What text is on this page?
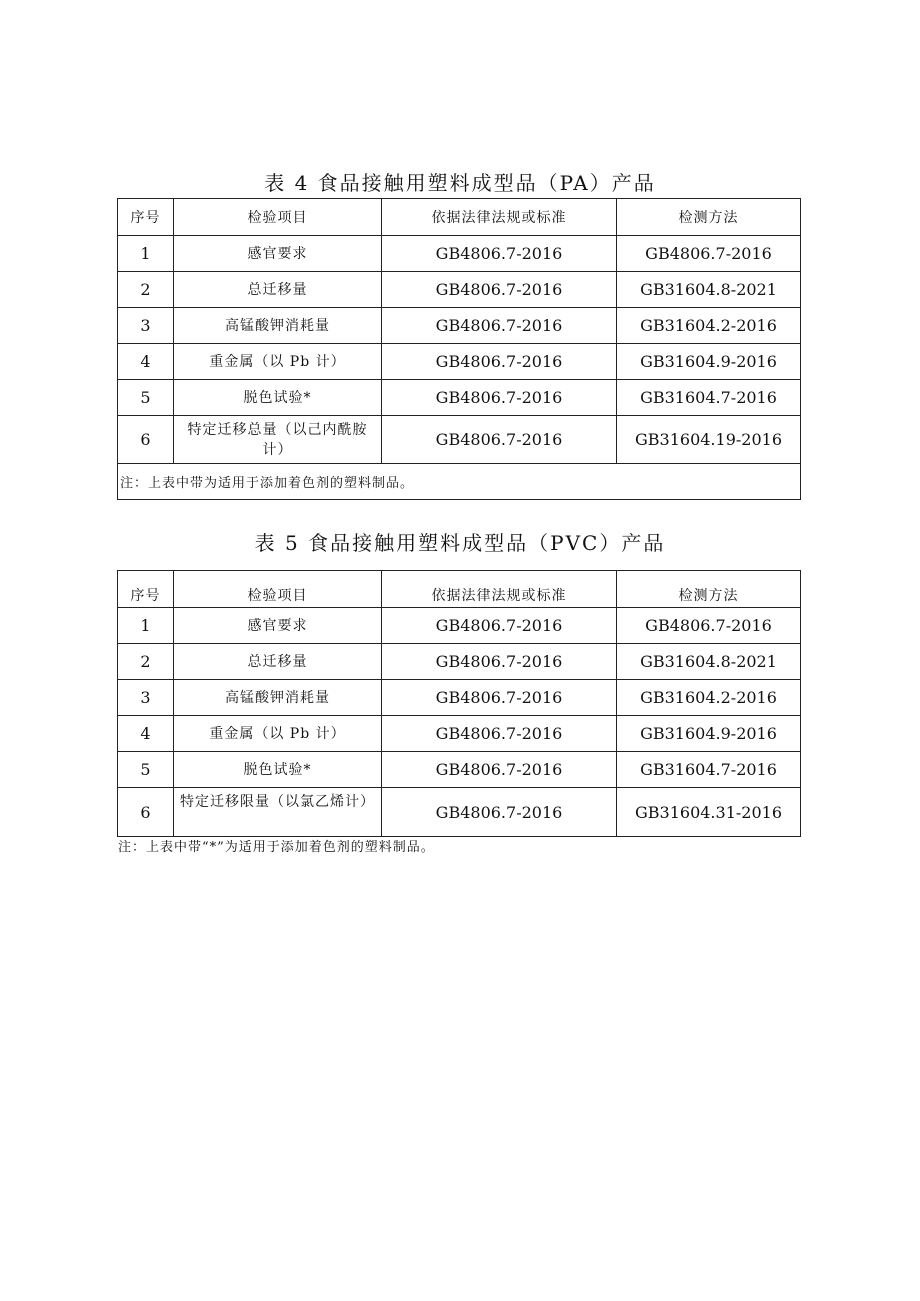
表 4 食品接触用塑料成型品（PA）产品
序号	检验项目	依据法律法规或标准	检测方法
1	感官要求	GB4806.7-2016	GB4806.7-2016
2	总迁移量	GB4806.7-2016	GB31604.8-2021
3	高锰酸钾消耗量	GB4806.7-2016	GB31604.2-2016
4	重金属（以 Pb 计）	GB4806.7-2016	GB31604.9-2016
5	脱色试验*	GB4806.7-2016	GB31604.7-2016
6	特定迁移总量（以己内酰胺计）	GB4806.7-2016	GB31604.19-2016
注：上表中带为适用于添加着色剂的塑料制品。			
表 5 食品接触用塑料成型品（PVC）产品
序号	检验项目	依据法律法规或标准	检测方法
1	感官要求	GB4806.7-2016	GB4806.7-2016
2	总迁移量	GB4806.7-2016	GB31604.8-2021
3	高锰酸钾消耗量	GB4806.7-2016	GB31604.2-2016
4	重金属（以 Pb 计）	GB4806.7-2016	GB31604.9-2016
5	脱色试验*	GB4806.7-2016	GB31604.7-2016
6	特定迁移限量（以氯乙烯计）	GB4806.7-2016	GB31604.31-2016
注：上表中带“*”为适用于添加着色剂的塑料制品。
